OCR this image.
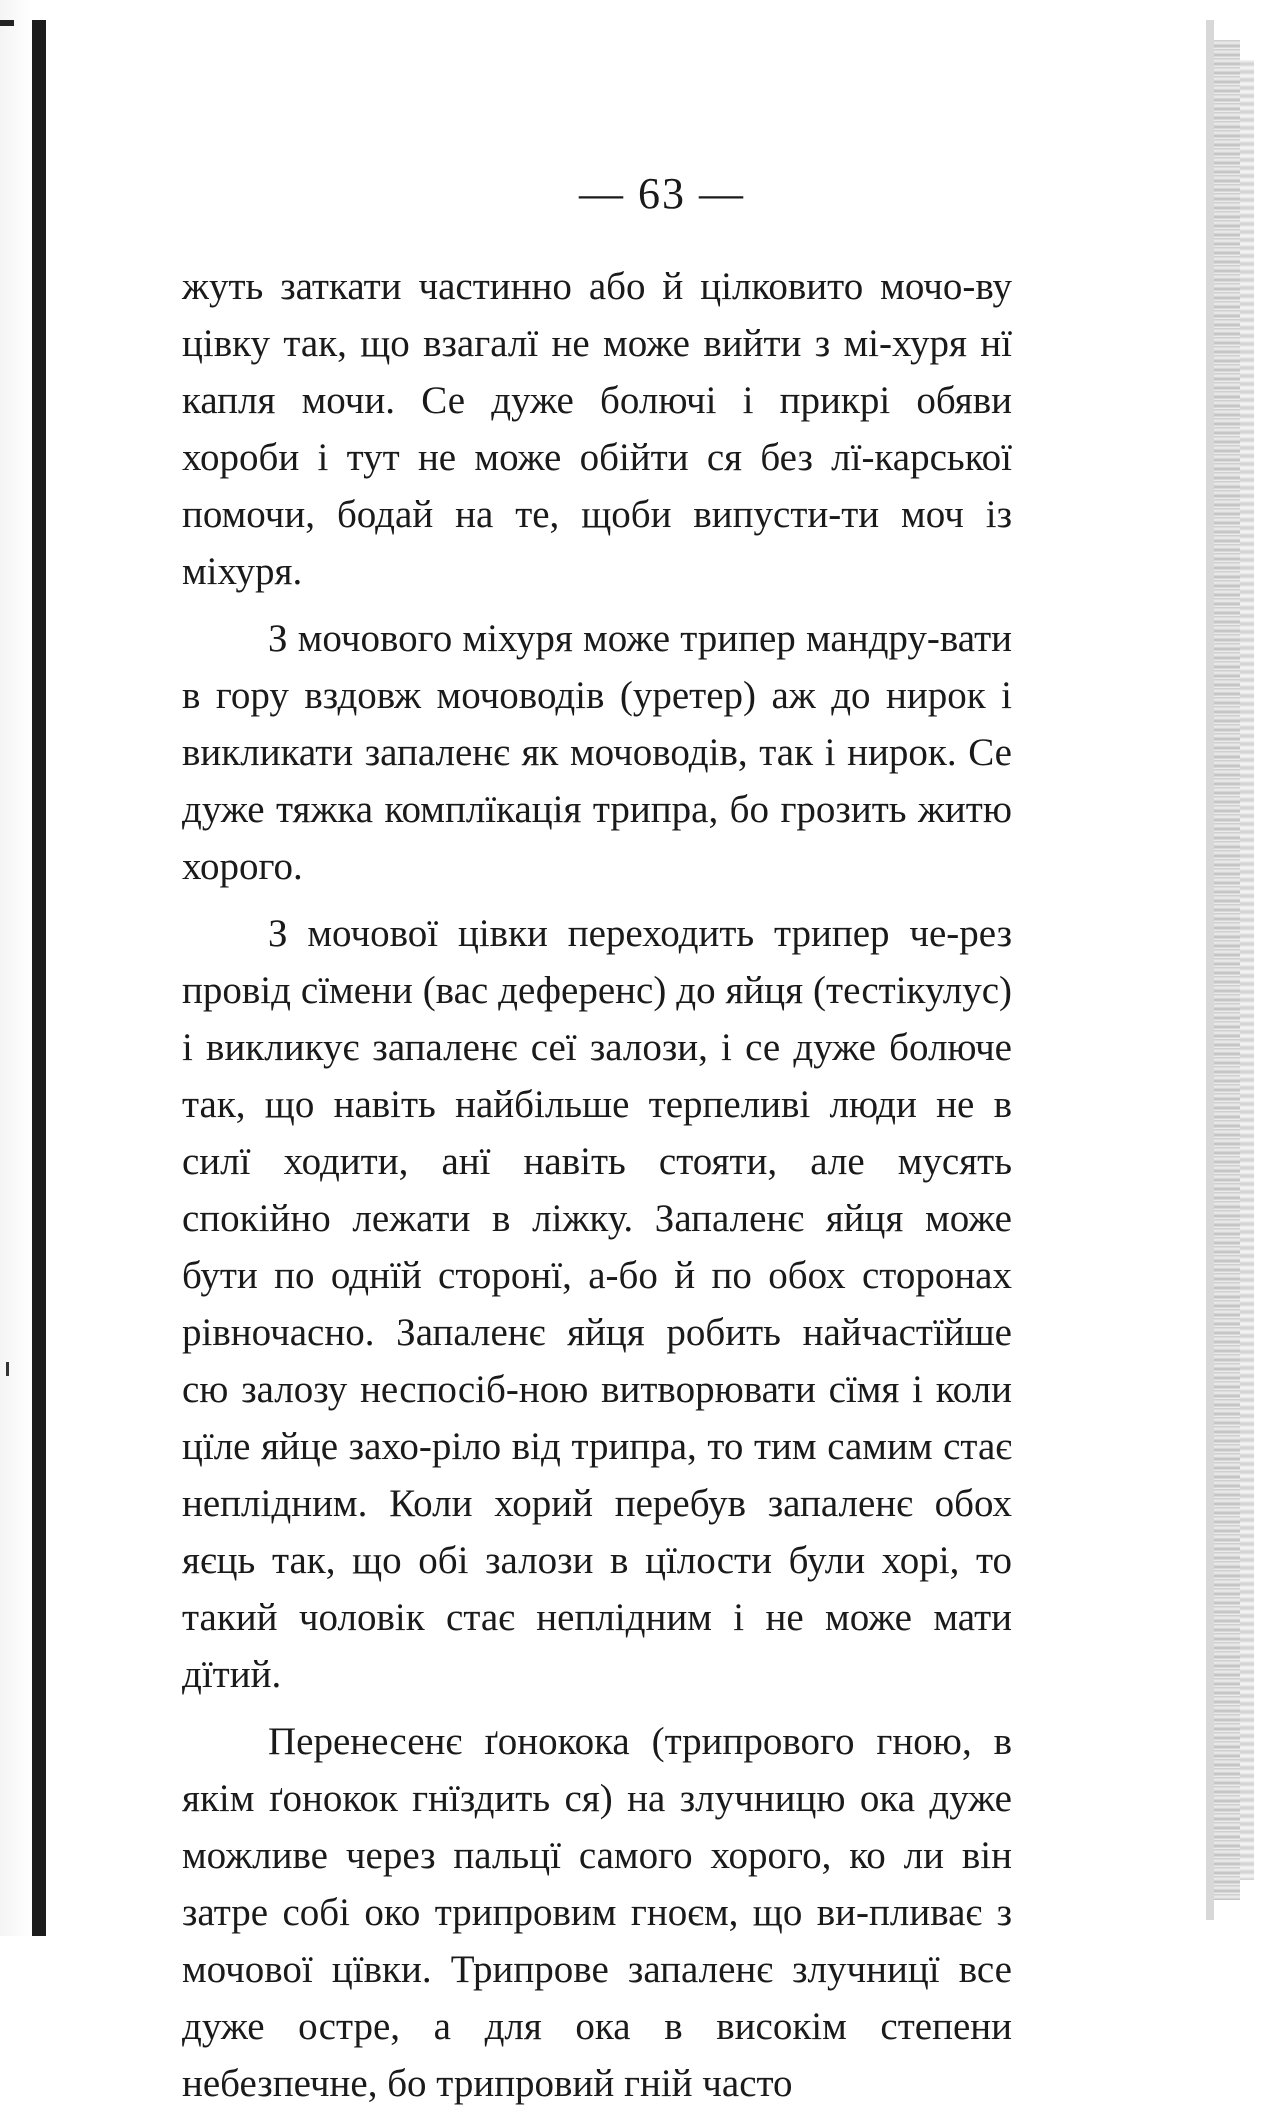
— 63 —

жуть заткати частинно або й цілковито мочо-ву цівку так, що взагалї не може вийти з мі-хуря нї капля мочи. Се дуже болючі і прикрі обяви хороби і тут не може обійти ся без лї-карської помочи, бодай на те, щоби випусти-ти моч із міхуря.

З мочового міхуря може трипер мандру-вати в гору вздовж мочоводів (уретер) аж до нирок і викликати запаленє як мочоводів, так і нирок. Се дуже тяжка комплїкація трипра, бо грозить житю хорого.

З мочової цівки переходить трипер че-рез провід сїмени (вас деференс) до яйця (тестікулус) і викликує запаленє сеї залози, і се дуже болюче так, що навіть найбільше терпеливі люди не в силї ходити, анї навіть стояти, але мусять спокійно лежати в ліжку. Запаленє яйця може бути по однїй сторонї, а-бо й по обох сторонах рівночасно. Запаленє яйця робить найчастїйше сю залозу неспосіб-ною витворювати сїмя і коли цїле яйце захо-ріло від трипра, то тим самим стає неплідним. Коли хорий перебув запаленє обох яєць так, що обі залози в цїлости були хорі, то такий чоловік стає неплідним і не може мати дїтий.

Перенесенє ґонокока (трипрового гною, в якім ґонокок гнїздить ся) на злучницю ока дуже можливе через пальцї самого хорого, ко ли він затре собі око трипровим гноєм, що ви-пливає з мочової цївки. Трипрове запаленє злучницї все дуже остре, а для ока в високім степени небезпечне, бо трипровий гній часто
